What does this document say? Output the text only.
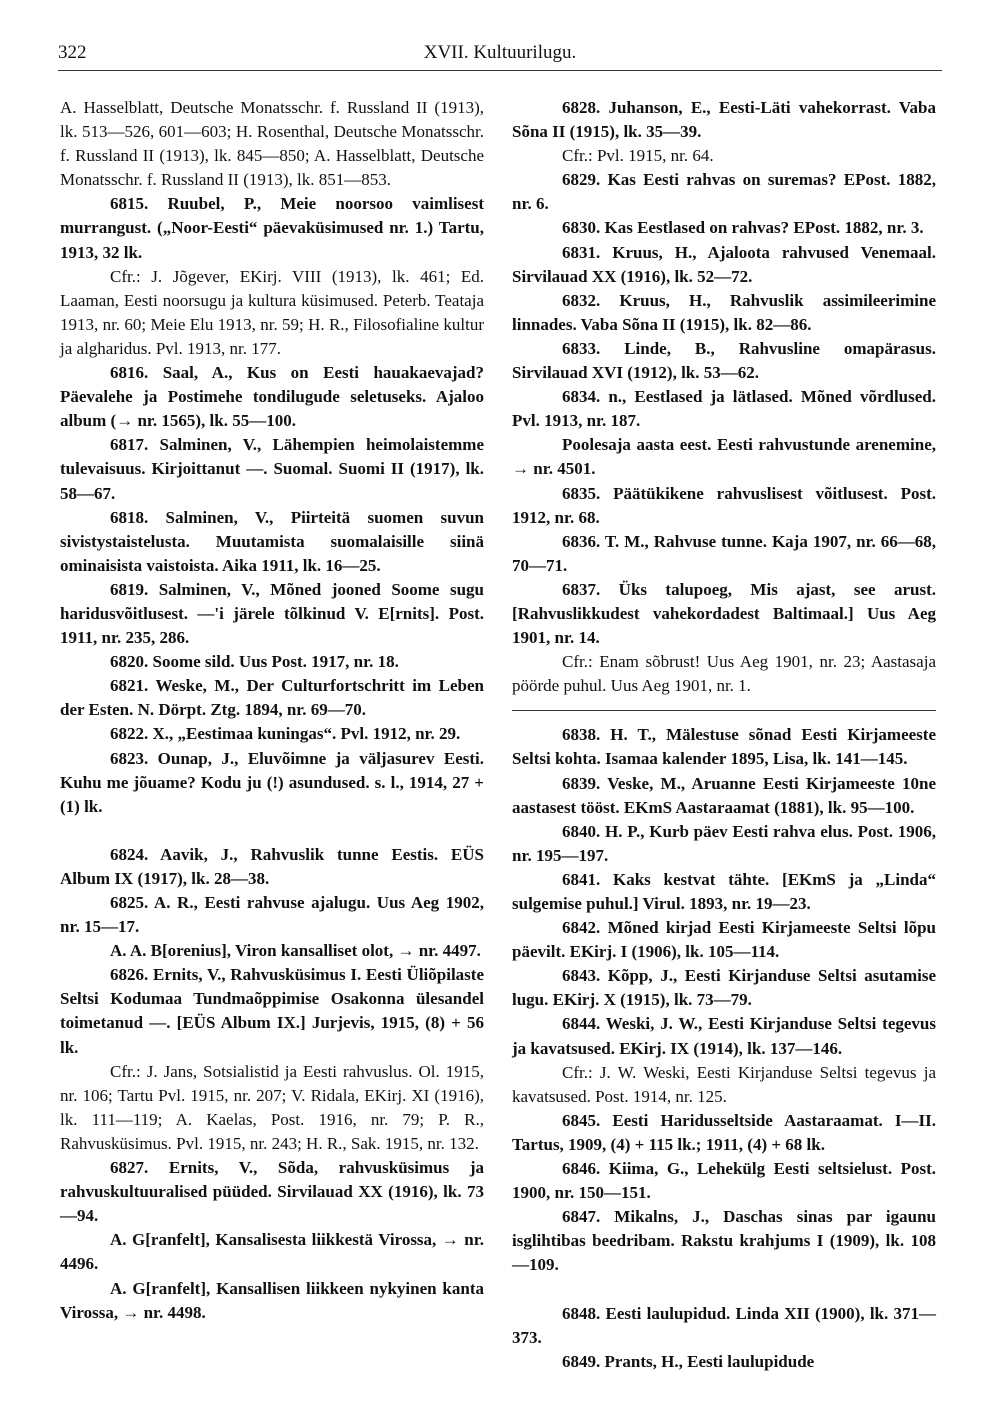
322	XVII. Kultuurilugu.

A. Hasselblatt, Deutsche Monatsschr. f. Russland II (1913), lk. 513—526, 601—603; H. Rosenthal, Deutsche Monatsschr. f. Russland II (1913), lk. 845—850; A. Hasselblatt, Deutsche Monatsschr. f. Russland II (1913), lk. 851—853.

6815. Ruubel, P., Meie noorsoo vaimlisest murrangust. („Noor-Eesti“ päevaküsimused nr. 1.) Tartu, 1913, 32 lk.

Cfr.: J. Jõgever, EKirj. VIII (1913), lk. 461; Ed. Laaman, Eesti noorsugu ja kultura küsimused. Peterb. Teataja 1913, nr. 60; Meie Elu 1913, nr. 59; H. R., Filosofialine kultur ja algharidus. Pvl. 1913, nr. 177.

6816. Saal, A., Kus on Eesti hauakaevajad? Päevalehe ja Postimehe tondilugude seletuseks. Ajaloo album (→ nr. 1565), lk. 55—100.

6817. Salminen, V., Lähempien heimolaistemme tulevaisuus. Kirjoittanut —. Suomal. Suomi II (1917), lk. 58—67.

6818. Salminen, V., Piirteitä suomen suvun sivistystaistelusta. Muutamista suomalaisille siinä ominaisista vaistoista. Aika 1911, lk. 16—25.

6819. Salminen, V., Mõned jooned Soome sugu haridusvõitlusest. —'i järele tõlkinud V. E[rnits]. Post. 1911, nr. 235, 286.

6820. Soome sild. Uus Post. 1917, nr. 18.

6821. Weske, M., Der Culturfortschritt im Leben der Esten. N. Dörpt. Ztg. 1894, nr. 69—70.

6822. X., „Eestimaa kuningas“. Pvl. 1912, nr. 29.

6823. Ounap, J., Eluvõimne ja väljasurev Eesti. Kuhu me jõuame? Kodu ju (!) asundused. s. l., 1914, 27 + (1) lk.

6824. Aavik, J., Rahvuslik tunne Eestis. EÜS Album IX (1917), lk. 28—38.

6825. A. R., Eesti rahvuse ajalugu. Uus Aeg 1902, nr. 15—17.

A. A. B[orenius], Viron kansalliset olot, → nr. 4497.

6826. Ernits, V., Rahvusküsimus I. Eesti Üliõpilaste Seltsi Kodumaa Tundmaõppimise Osakonna ülesandel toimetanud —. [EÜS Album IX.] Jurjevis, 1915, (8) + 56 lk.

Cfr.: J. Jans, Sotsialistid ja Eesti rahvuslus. Ol. 1915, nr. 106; Tartu Pvl. 1915, nr. 207; V. Ridala, EKirj. XI (1916), lk. 111—119; A. Kaelas, Post. 1916, nr. 79; P. R., Rahvusküsimus. Pvl. 1915, nr. 243; H. R., Sak. 1915, nr. 132.

6827. Ernits, V., Sõda, rahvusküsimus ja rahvuskultuuralised püüded. Sirvilauad XX (1916), lk. 73—94.

A. G[ranfelt], Kansalisesta liikkestä Virossa, → nr. 4496.

A. G[ranfelt], Kansallisen liikkeen nykyinen kanta Virossa, → nr. 4498.

6828. Juhanson, E., Eesti-Läti vahekorrast. Vaba Sõna II (1915), lk. 35—39.

Cfr.: Pvl. 1915, nr. 64.

6829. Kas Eesti rahvas on suremas? EPost. 1882, nr. 6.

6830. Kas Eestlased on rahvas? EPost. 1882, nr. 3.

6831. Kruus, H., Ajaloota rahvused Venemaal. Sirvilauad XX (1916), lk. 52—72.

6832. Kruus, H., Rahvuslik assimileerimine linnades. Vaba Sõna II (1915), lk. 82—86.

6833. Linde, B., Rahvusline omapärasus. Sirvilauad XVI (1912), lk. 53—62.

6834. n., Eestlased ja lätlased. Mõned võrdlused. Pvl. 1913, nr. 187.

Poolesaja aasta eest. Eesti rahvustunde arenemine, → nr. 4501.

6835. Päätükikene rahvuslisest võitlusest. Post. 1912, nr. 68.

6836. T. M., Rahvuse tunne. Kaja 1907, nr. 66—68, 70—71.

6837. Üks talupoeg, Mis ajast, see arust. [Rahvuslikkudest vahekordadest Baltimaal.] Uus Aeg 1901, nr. 14.

Cfr.: Enam sõbrust! Uus Aeg 1901, nr. 23; Aastasaja pöörde puhul. Uus Aeg 1901, nr. 1.

6838. H. T., Mälestuse sõnad Eesti Kirjameeste Seltsi kohta. Isamaa kalender 1895, Lisa, lk. 141—145.

6839. Veske, M., Aruanne Eesti Kirjameeste 10ne aastasest tööst. EKmS Aastaraamat (1881), lk. 95—100.

6840. H. P., Kurb päev Eesti rahva elus. Post. 1906, nr. 195—197.

6841. Kaks kestvat tähte. [EKmS ja „Linda“ sulgemise puhul.] Virul. 1893, nr. 19—23.

6842. Mõned kirjad Eesti Kirjameeste Seltsi lõpu päevilt. EKirj. I (1906), lk. 105—114.

6843. Kõpp, J., Eesti Kirjanduse Seltsi asutamise lugu. EKirj. X (1915), lk. 73—79.

6844. Weski, J. W., Eesti Kirjanduse Seltsi tegevus ja kavatsused. EKirj. IX (1914), lk. 137—146.

Cfr.: J. W. Weski, Eesti Kirjanduse Seltsi tegevus ja kavatsused. Post. 1914, nr. 125.

6845. Eesti Haridusseltside Aastaraamat. I—II. Tartus, 1909, (4) + 115 lk.; 1911, (4) + 68 lk.

6846. Kiima, G., Lehekülg Eesti seltsielust. Post. 1900, nr. 150—151.

6847. Mikalns, J., Daschas sinas par igaunu isglihtibas beedribam. Rakstu krahjums I (1909), lk. 108—109.

6848. Eesti laulupidud. Linda XII (1900), lk. 371—373.

6849. Prants, H., Eesti laulupidude
